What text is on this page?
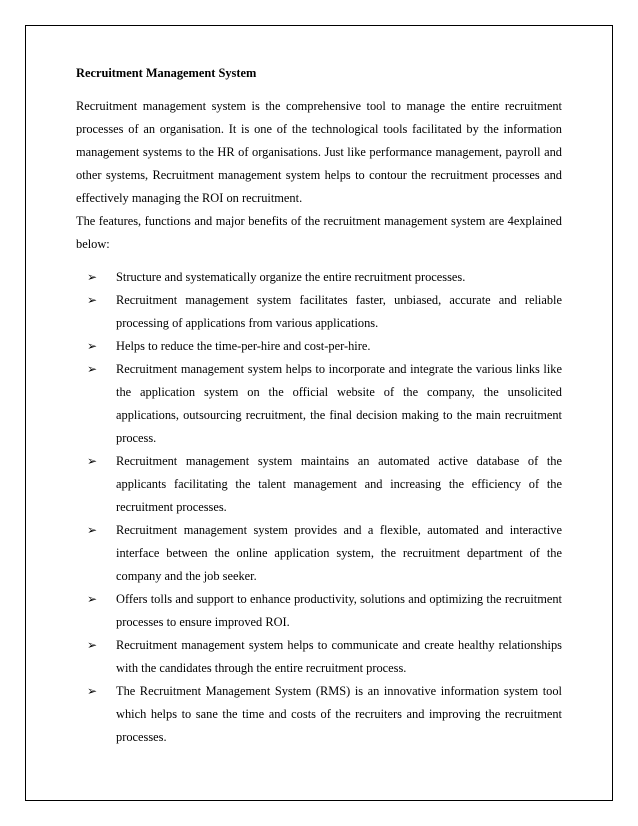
Recruitment Management System

Recruitment management system is the comprehensive tool to manage the entire recruitment processes of an organisation. It is one of the technological tools facilitated by the information management systems to the HR of organisations. Just like performance management, payroll and other systems, Recruitment management system helps to contour the recruitment processes and effectively managing the ROI on recruitment.

The features, functions and major benefits of the recruitment management system are 4explained below:

➢ Structure and systematically organize the entire recruitment processes.
➢ Recruitment management system facilitates faster, unbiased, accurate and reliable processing of applications from various applications.
➢ Helps to reduce the time-per-hire and cost-per-hire.
➢ Recruitment management system helps to incorporate and integrate the various links like the application system on the official website of the company, the unsolicited applications, outsourcing recruitment, the final decision making to the main recruitment process.
➢ Recruitment management system maintains an automated active database of the applicants facilitating the talent management and increasing the efficiency of the recruitment processes.
➢ Recruitment management system provides and a flexible, automated and interactive interface between the online application system, the recruitment department of the company and the job seeker.
➢ Offers tolls and support to enhance productivity, solutions and optimizing the recruitment processes to ensure improved ROI.
➢ Recruitment management system helps to communicate and create healthy relationships with the candidates through the entire recruitment process.
➢ The Recruitment Management System (RMS) is an innovative information system tool which helps to sane the time and costs of the recruiters and improving the recruitment processes.
